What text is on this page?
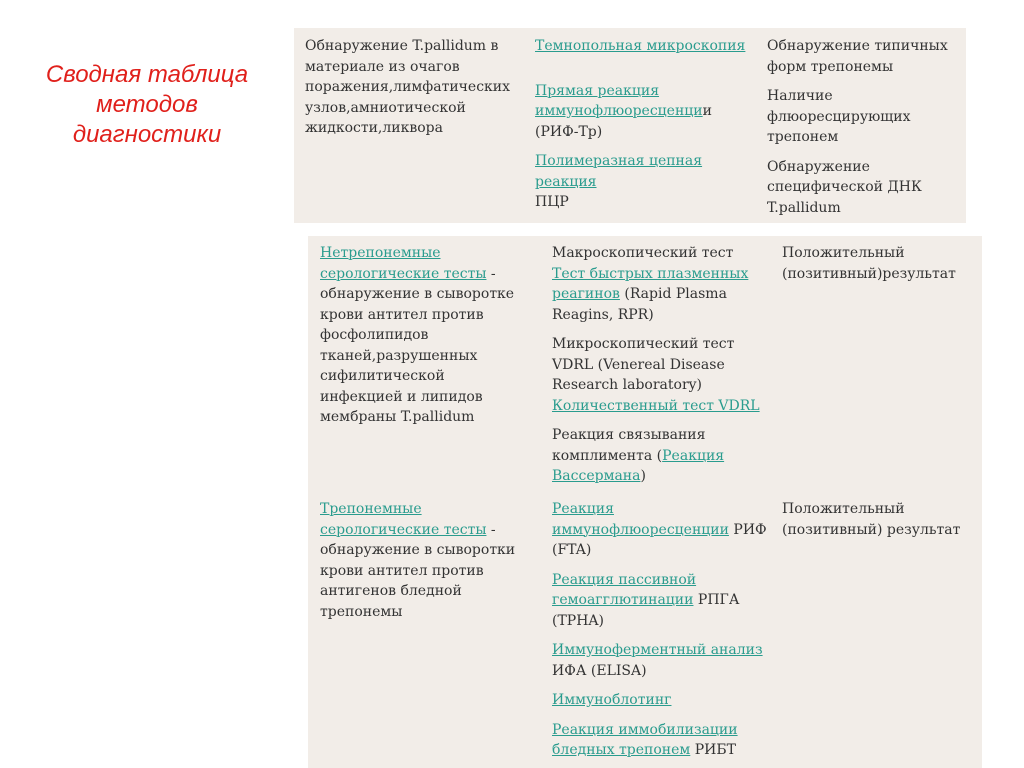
Сводная таблица
методов
диагностики

Обнаружение T.pallidum в материале из очагов поражения,лимфатических узлов,амниотической жидкости,ликвора

Темнопольная микроскопия

Прямая реакция иммунофлюоресценции (РИФ-Тр)

Полимеразная цепная реакция
ПЦР

Обнаружение типичных форм трепонемы

Наличие флюоресцирующих трепонем

Обнаружение специфической ДНК T.pallidum

Нетрепонемные серологические тесты - обнаружение в сыворотке крови антител против фосфолипидов тканей,разрушенных сифилитической инфекцией и липидов мембраны T.pallidum

Макроскопический тест Тест быстрых плазменных реагинов (Rapid Plasma Reagins, RPR)

Микроскопический тест VDRL (Venereal Disease Research laboratory) Количественный тест VDRL

Реакция связывания комплимента (Реакция Вассермана)

Положительный (позитивный)результат

Трепонемные серологические тесты - обнаружение в сыворотки крови антител против антигенов бледной трепонемы

Реакция иммунофлюоресценции РИФ (FTA)

Реакция пассивной гемоагглютинации РПГА (TPHA)

Иммуноферментный анализ ИФА (ELISA)

Иммуноблотинг

Реакция иммобилизации бледных трепонем РИБТ

Положительный (позитивный) результат
